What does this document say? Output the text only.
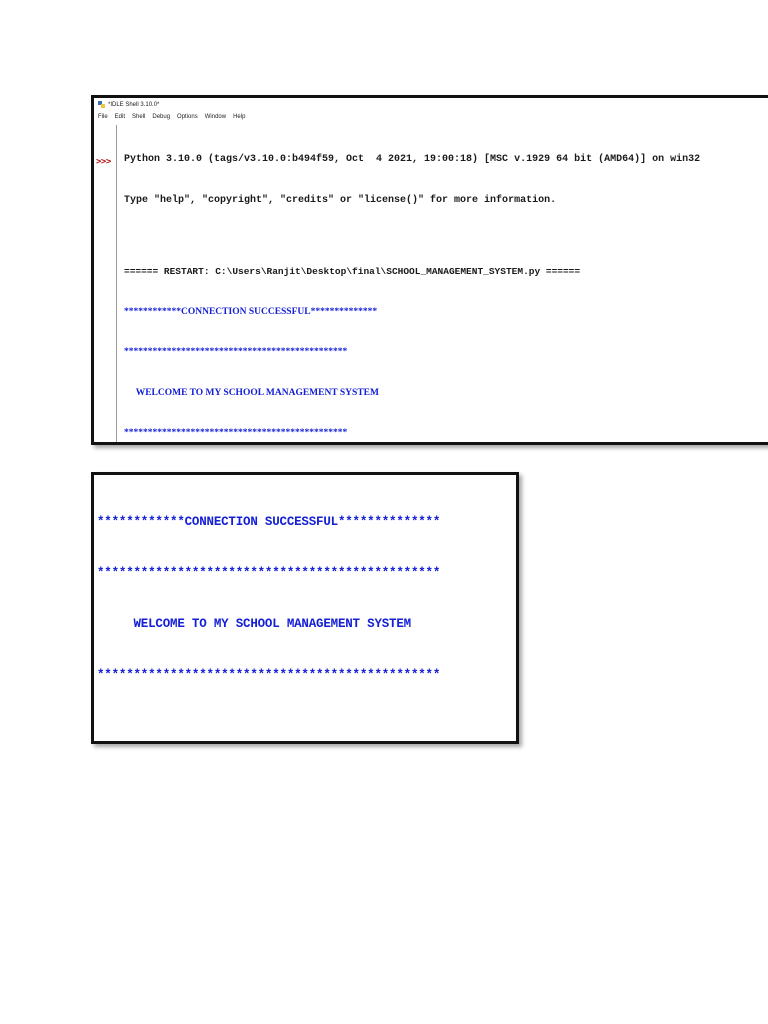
*IDLE Shell 3.10.0*
File Edit Shell Debug Options Window Help
>>>

Python 3.10.0 (tags/v3.10.0:b494f59, Oct  4 2021, 19:00:18) [MSC v.1929 64 bit (AMD64)] on win32

Type "help", "copyright", "credits" or "license()" for more information.

====== RESTART: C:\Users\Ranjit\Desktop\final\SCHOOL_MANAGEMENT_SYSTEM.py ======

************CONNECTION SUCCESSFUL**************

***********************************************

WELCOME TO MY SCHOOL MANAGEMENT SYSTEM

***********************************************

************CONNECTION SUCCESSFUL**************

***********************************************

WELCOME TO MY SCHOOL MANAGEMENT SYSTEM

***********************************************
